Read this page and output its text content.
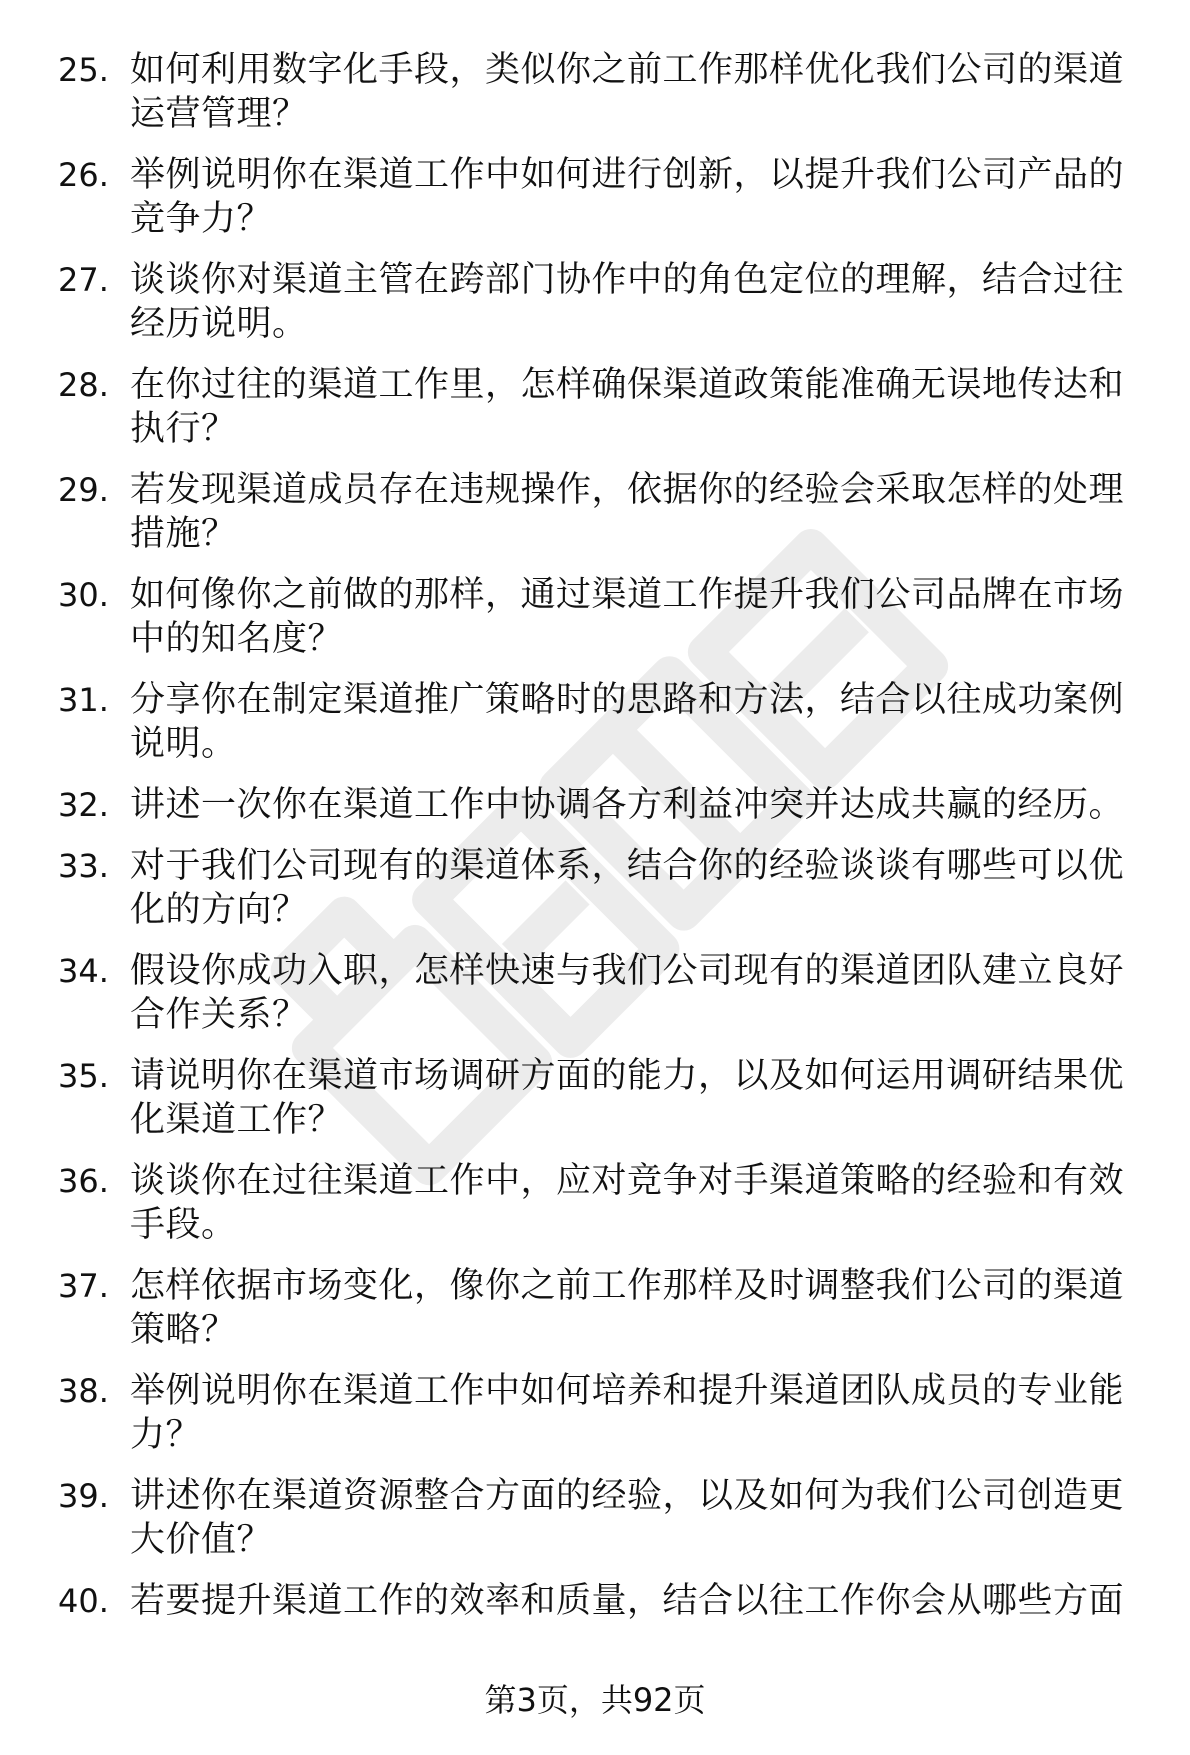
25. 如何利用数字化手段，类似你之前工作那样优化我们公司的渠道运营管理？
26. 举例说明你在渠道工作中如何进行创新，以提升我们公司产品的竞争力？
27. 谈谈你对渠道主管在跨部门协作中的角色定位的理解，结合过往经历说明。
28. 在你过往的渠道工作里，怎样确保渠道政策能准确无误地传达和执行？
29. 若发现渠道成员存在违规操作，依据你的经验会采取怎样的处理措施？
30. 如何像你之前做的那样，通过渠道工作提升我们公司品牌在市场中的知名度？
31. 分享你在制定渠道推广策略时的思路和方法，结合以往成功案例说明。
32. 讲述一次你在渠道工作中协调各方利益冲突并达成共赢的经历。
33. 对于我们公司现有的渠道体系，结合你的经验谈谈有哪些可以优化的方向？
34. 假设你成功入职，怎样快速与我们公司现有的渠道团队建立良好合作关系？
35. 请说明你在渠道市场调研方面的能力，以及如何运用调研结果优化渠道工作？
36. 谈谈你在过往渠道工作中，应对竞争对手渠道策略的经验和有效手段。
37. 怎样依据市场变化，像你之前工作那样及时调整我们公司的渠道策略？
38. 举例说明你在渠道工作中如何培养和提升渠道团队成员的专业能力？
39. 讲述你在渠道资源整合方面的经验，以及如何为我们公司创造更大价值？
40. 若要提升渠道工作的效率和质量，结合以往工作你会从哪些方面
第3页，共92页
